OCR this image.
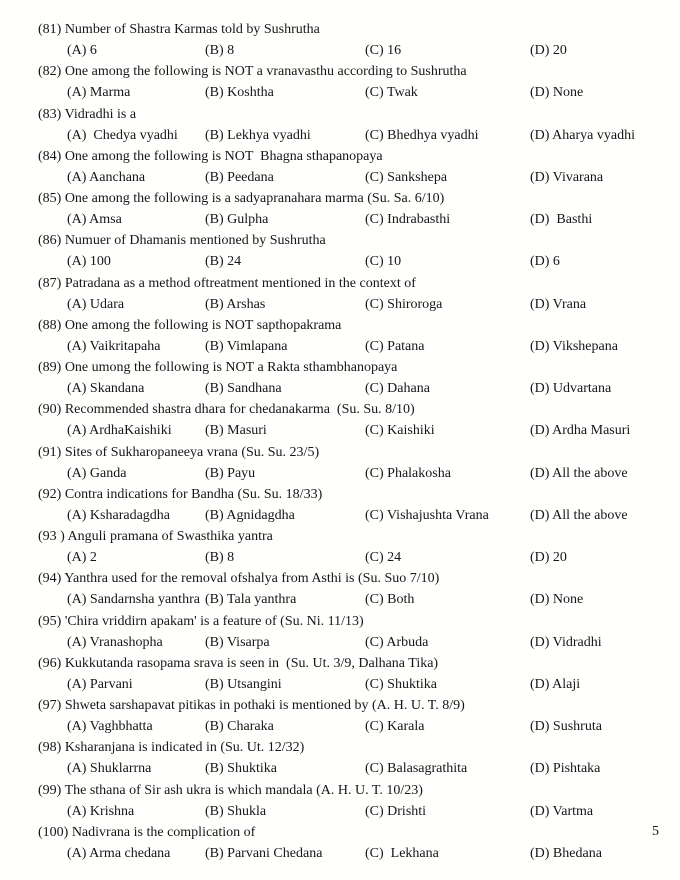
(81) Number of Shastra Karmas told by Sushrutha
(A) 6	(B) 8	(C) 16	(D) 20
(82) One among the following is NOT a vranavasthu according to Sushrutha
(A) Marma	(B) Koshtha	(C) Twak	(D) None
(83) Vidradhi is a
(A)  Chedya vyadhi (B) Lekhya vyadhi	(C) Bhedhya vyadhi	(D) Aharya vyadhi
(84) One among the following is NOT  Bhagna sthapanopaya
(A) Aanchana	(B) Peedana	(C) Sankshepa	(D) Vivarana
(85) One among the following is a sadyapranahara marma (Su. Sa. 6/10)
(A) Amsa	(B) Gulpha	(C) Indrabasthi	(D)  Basthi
(86) Numuer of Dhamanis mentioned by Sushrutha
(A) 100	(B) 24	(C) 10	(D) 6
(87) Patradana as a method oftreatment mentioned in the context of
(A) Udara	(B) Arshas	(C) Shiroroga	(D) Vrana
(88) One among the following is NOT sapthopakrama
(A) Vaikritapaha	(B) Vimlapana	(C) Patana	(D) Vikshepana
(89) One umong the following is NOT a Rakta sthambhanopaya
(A) Skandana	(B) Sandhana	(C) Dahana	(D) Udvartana
(90) Recommended shastra dhara for chedanakarma  (Su. Su. 8/10)
(A) ArdhaKaishiki (B) Masuri	(C) Kaishiki	(D) Ardha Masuri
(91) Sites of Sukharopaneeya vrana (Su. Su. 23/5)
(A) Ganda	(B) Payu	(C) Phalakosha	(D) All the above
(92) Contra indications for Bandha (Su. Su. 18/33)
(A) Ksharadagdha (B) Agnidagdha	(C) Vishajushta Vrana	(D) All the above
(93 ) Anguli pramana of Swasthika yantra
(A) 2	(B) 8	(C) 24	(D) 20
(94) Yanthra used for the removal ofshalya from Asthi is (Su. Suo 7/10)
(A) Sandarnsha yanthra (B) Tala yanthra	(C) Both	(D) None
(95) 'Chira vriddirn apakam' is a feature of (Su. Ni. 11/13)
(A) Vranashopha	(B) Visarpa	(C) Arbuda	(D) Vidradhi
(96) Kukkutanda rasopama srava is seen in  (Su. Ut. 3/9, Dalhana Tika)
(A) Parvani	(B) Utsangini	(C) Shuktika	(D) Alaji
(97) Shweta sarshapavat pitikas in pothaki is mentioned by (A. H. U. T. 8/9)
(A) Vaghbhatta	(B) Charaka	(C) Karala	(D) Sushruta
(98) Ksharanjana is indicated in (Su. Ut. 12/32)
(A) Shuklarrna	(B) Shuktika	(C) Balasagrathita	(D) Pishtaka
(99) The sthana of Sir ash ukra is which mandala (A. H. U. T. 10/23)
(A) Krishna	(B) Shukla	(C) Drishti	(D) Vartma
(100) Nadivrana is the complication of
(A) Arma chedana (B) Parvani Chedana	(C)  Lekhana	(D) Bhedana
5
